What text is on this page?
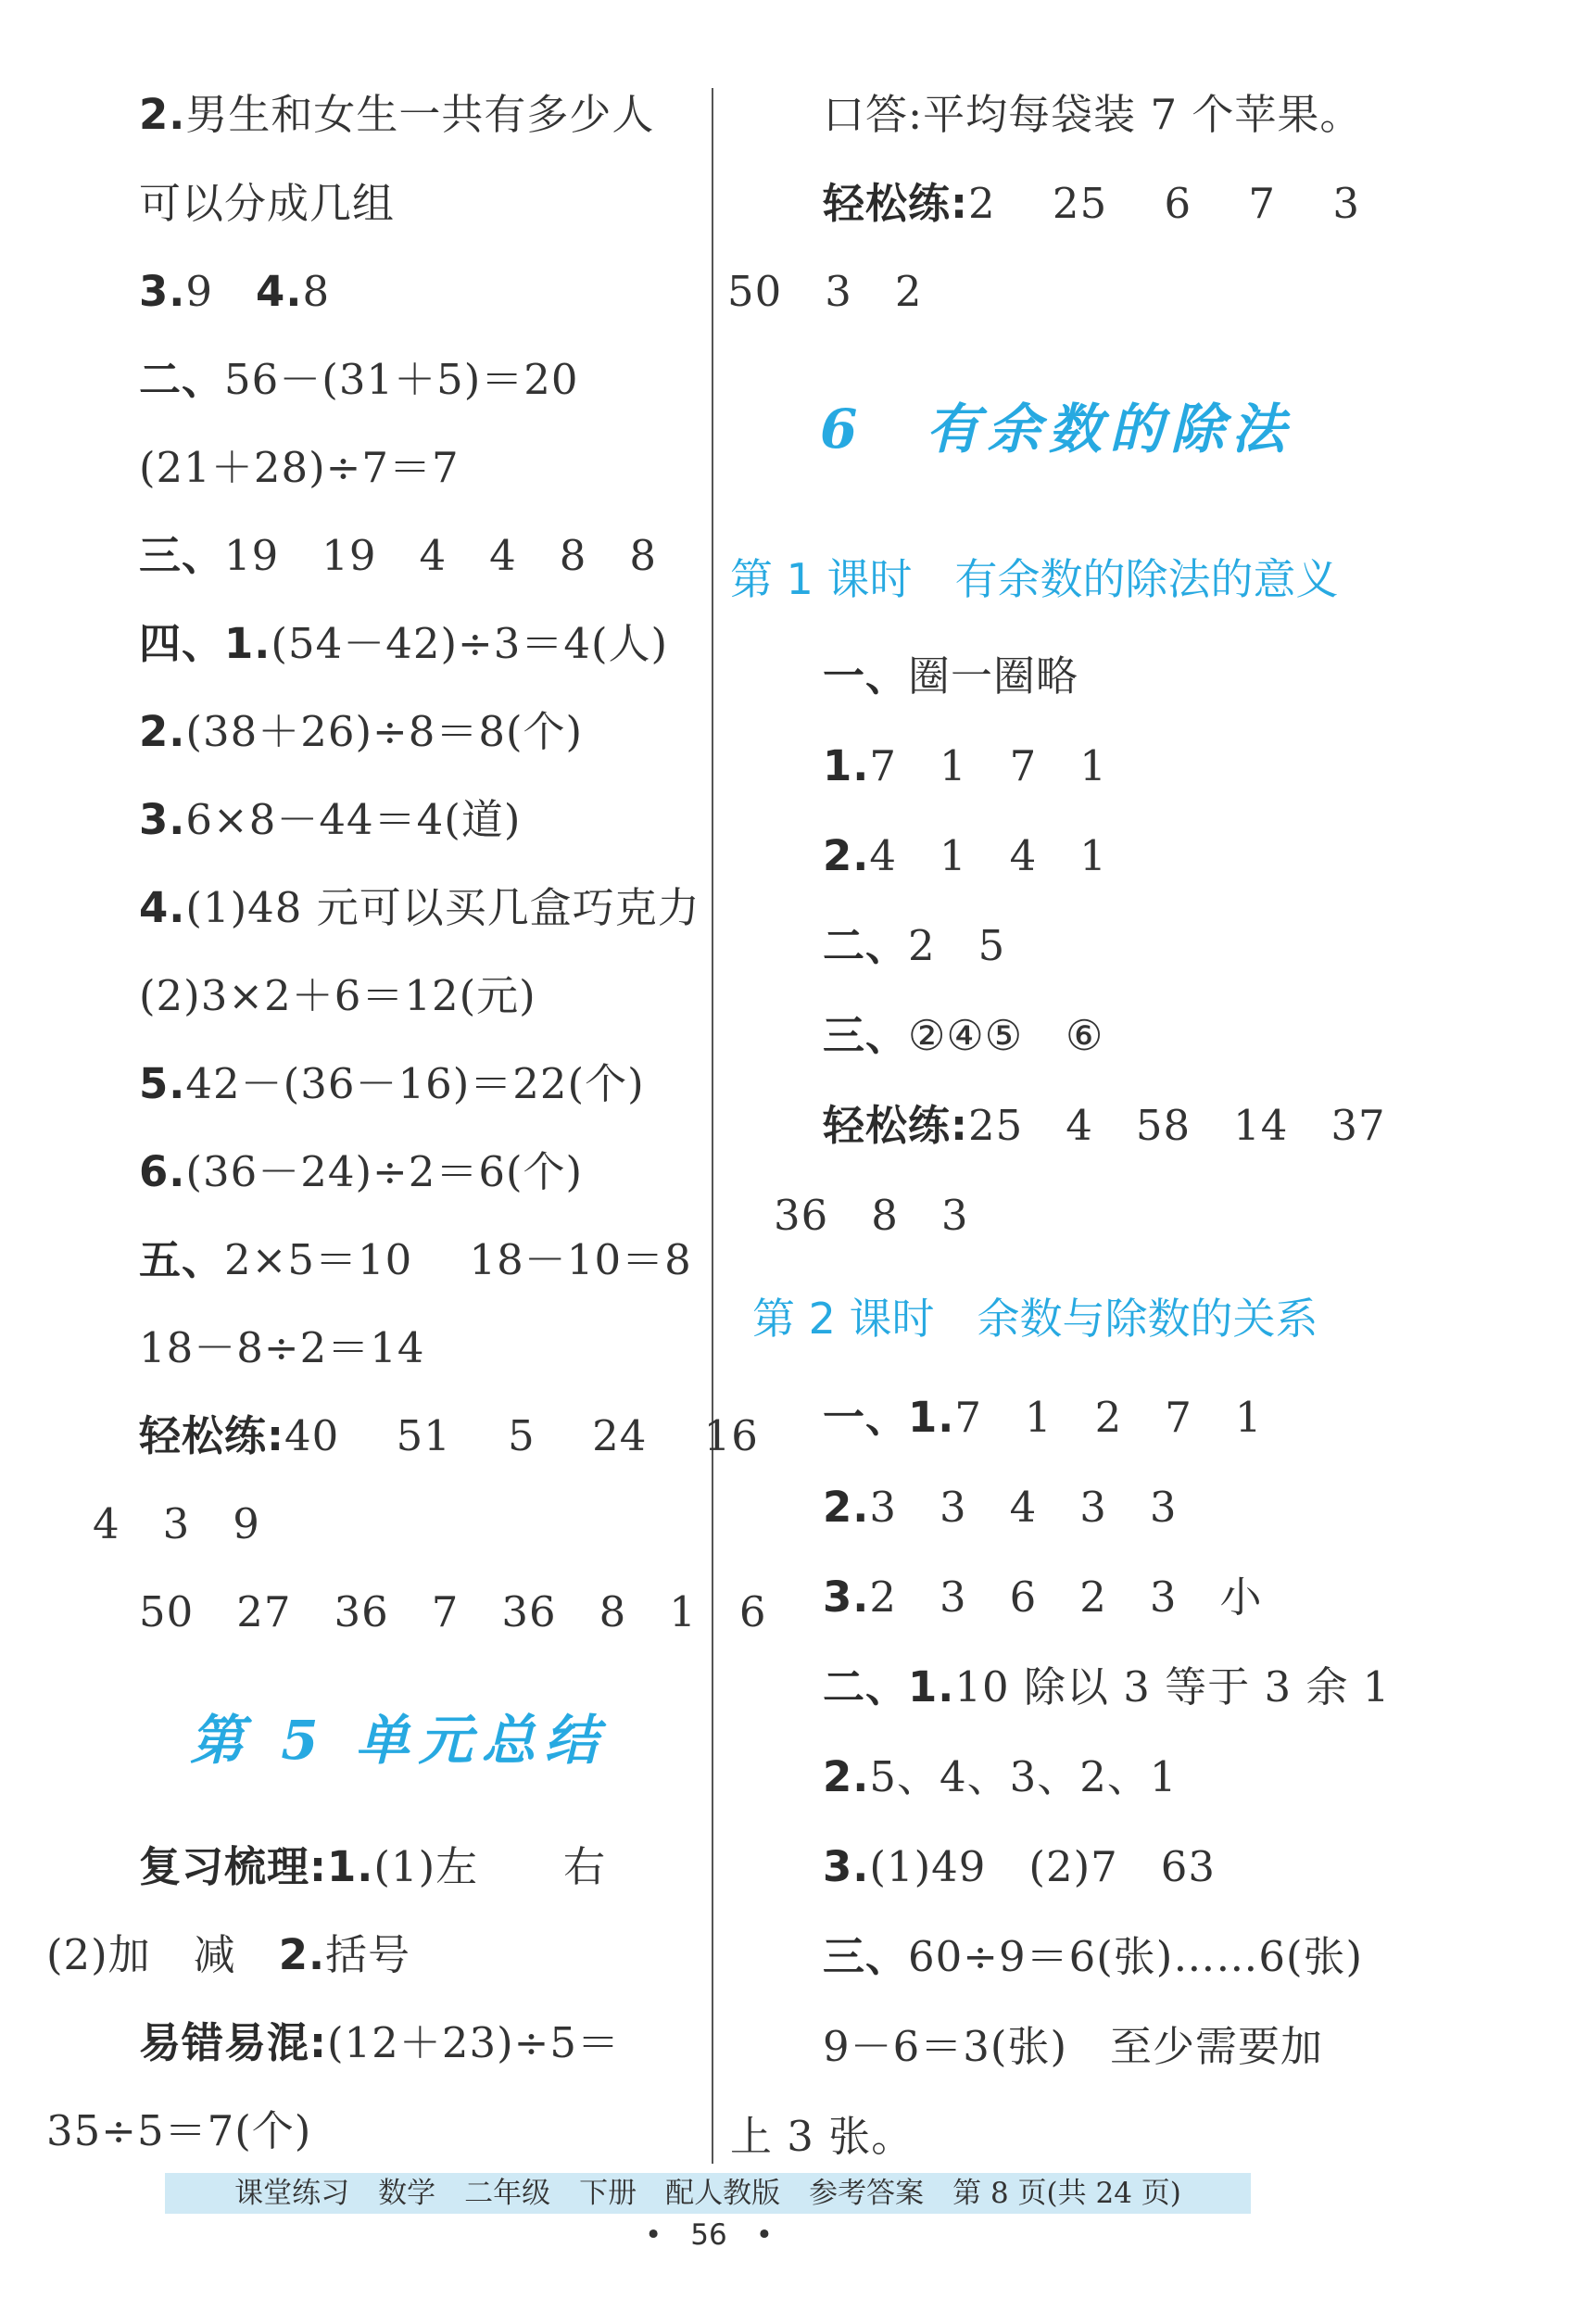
2.男生和女生一共有多少人
可以分成几组
3.9　4.8
二、56－(31＋5)＝20
(21＋28)÷7＝7
三、19　19　4　4　8　8
四、1.(54－42)÷3＝4(人)
2.(38＋26)÷8＝8(个)
3.6×8－44＝4(道)
4.(1)48 元可以买几盒巧克力
(2)3×2＋6＝12(元)
5.42－(36－16)＝22(个)
6.(36－24)÷2＝6(个)
五、2×5＝10　 18－10＝8
18－8÷2＝14
轻松练:40　 51　 5　 24　 16
4　3　9
50　27　36　7　36　8　1　6
第 5 单元总结
复习梳理:1.(1)左　　右
(2)加　减　2.括号
易错易混:(12＋23)÷5＝
35÷5＝7(个)
口答:平均每袋装 7 个苹果。
轻松练:2　 25　 6　 7　 3
50　3　2
6　有余数的除法
第 1 课时　有余数的除法的意义
一、圈一圈略
1.7　1　7　1
2.4　1　4　1
二、2　5
三、②④⑤　⑥
轻松练:25　4　58　14　37
36　8　3
第 2 课时　余数与除数的关系
一、1.7　1　2　7　1
2.3　3　4　3　3
3.2　3　6　2　3　小
二、1.10 除以 3 等于 3 余 1
2.5、4、3、2、1
3.(1)49　(2)7　63
三、60÷9＝6(张)……6(张)
9－6＝3(张)　至少需要加
上 3 张。
课堂练习　数学　二年级　下册　配人教版　参考答案　第 8 页(共 24 页)
•　56　•
